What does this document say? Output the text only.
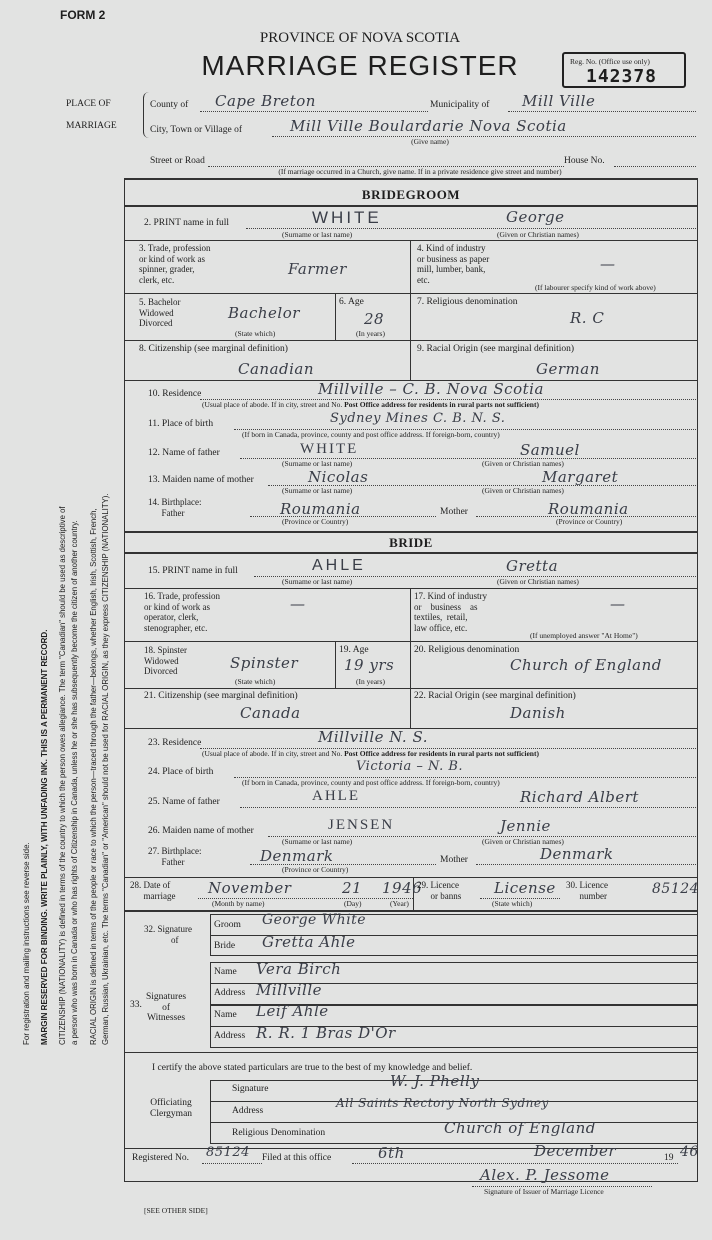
For registration and mailing instructions see reverse side. MARGIN RESERVED FOR BINDING. WRITE PLAINLY, WITH UNFADING INK. THIS IS A PERMANENT RECORD. CITIZENSHIP (NATIONALITY) is defined in terms of the country to which the person owes allegiance. The term "Canadian" should be used as descriptive of a person who was born in Canada or who has rights of Citizenship in Canada, unless he or she has subsequently become the citizen of another country. RACIAL ORIGIN is defined in terms of the people or race to which the person—traced through the father—belongs, whether English, Irish, Scottish, French, German, Russian, Ukrainian, etc. The terms "Canadian" or "American" should not be used for RACIAL ORIGIN, as they express CITIZENSHIP (NATIONALITY).
FORM 2
PROVINCE OF NOVA SCOTIA
MARRIAGE REGISTER	Reg. No. (Office use only)
142378
PLACE OF
MARRIAGE
County of Cape Breton	Municipality of Mill Ville
City, Town or Village of	Mill Ville Boulardarie Nova Scotia
(Give name)
Street or Road	House No.
(If marriage occurred in a Church, give name. If in a private residence give street and number)
BRIDEGROOM
2. PRINT name in full	WHITE	George
(Surname or last name)	(Given or Christian names)
3. Trade, profession
or kind of work as
spinner, grader,
clerk, etc.
Farmer
4. Kind of industry
or business as paper
mill, lumber, bank,
etc.
—
(If labourer specify kind of work above)
5. Bachelor
Widowed
Divorced
Bachelor
(State which)
6. Age
28
(In years)
7. Religious denomination
R. C
8. Citizenship (see marginal definition)
Canadian
9. Racial Origin (see marginal definition)
German
10. Residence	Millville – C. B. Nova Scotia
(Usual place of abode. If in city, street and No. Post Office address for residents in rural parts not sufficient)
11. Place of birth	Sydney Mines C. B. N. S.
(If born in Canada, province, county and post office address. If foreign-born, country)
12. Name of father	WHITE	Samuel
(Surname or last name)	(Given or Christian names)
13. Maiden name of mother	Nicolas	Margaret
(Surname or last name)	(Given or Christian names)
14. Birthplace:
Father	Roumania	Mother	Roumania
(Province or Country)	(Province or Country)
BRIDE
15. PRINT name in full	AHLE	Gretta
(Surname or last name)	(Given or Christian names)
16. Trade, profession
or kind of work as
operator, clerk,
stenographer, etc.
—	17. Kind of industry
or    business    as
textiles,  retail,
law office, etc.
—
(If unemployed answer "At Home")
18. Spinster
Widowed
Divorced	Spinster
(State which)
19. Age
19 yrs
(In years)
20. Religious denomination
Church of England
21. Citizenship (see marginal definition)
Canada
22. Racial Origin (see marginal definition)
Danish
23. Residence	Millville N. S.
(Usual place of abode. If in city, street and No. Post Office address for residents in rural parts not sufficient)
24. Place of birth	Victoria – N. B.
(If born in Canada, province, county and post office address. If foreign-born, country)
25. Name of father	AHLE	Richard Albert
26. Maiden name of mother	JENSEN	Jennie
(Surname or last name)	(Given or Christian names)
27. Birthplace:
Father	Denmark	Mother	Denmark
(Province or Country)
28. Date of
marriage November	21 1946
(Month by name)	(Day)	(Year)
29. Licence
or banns License
(State which)
30. Licence
number	85124
32. Signature
of
Groom George White
Bride Gretta Ahle
33.
Signatures
of
Witnesses
Name Vera Birch
Address Millville
Name Leif Ahle
Address R. R. 1 Bras D'Or
I certify the above stated particulars are true to the best of my knowledge and belief.
Officiating
Clergyman
Signature	W. J. Phelly
Address
All Saints Rectory North Sydney
Religious Denomination	Church of England
Registered No. 85124 Filed at this office	6th	December	19 46
Alex. P. Jessome
Signature of Issuer of Marriage Licence
[SEE OTHER SIDE]
